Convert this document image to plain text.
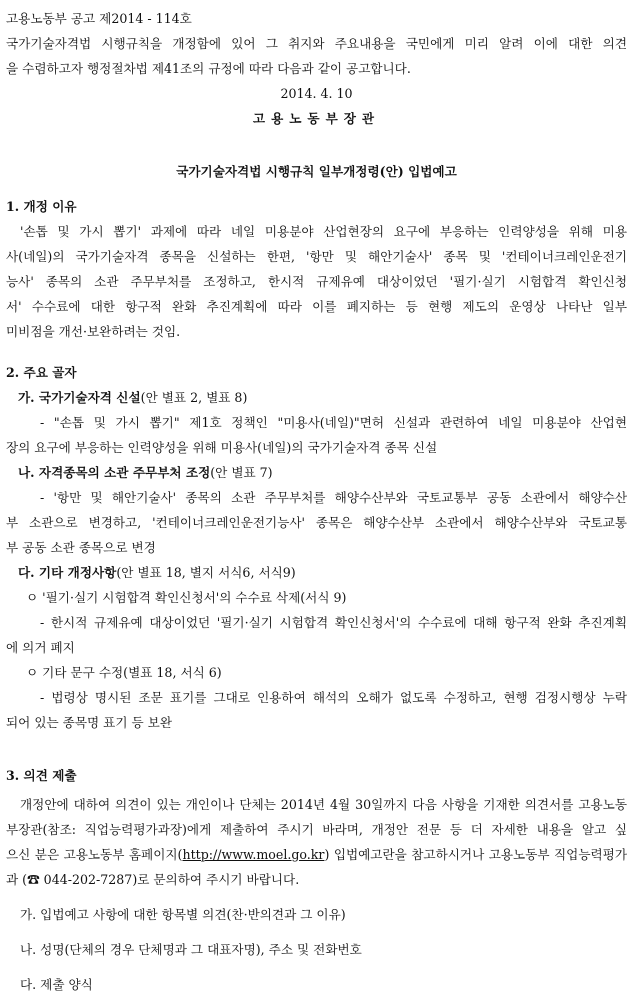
고용노동부 공고 제2014 - 114호
국가기술자격법 시행규칙을 개정함에 있어 그 취지와 주요내용을 국민에게 미리 알려 이에 대한 의견
을 수렴하고자 행정절차법 제41조의 규정에 따라 다음과 같이 공고합니다.
2014. 4. 10
고용노동부장관
국가기술자격법 시행규칙 일부개정령(안) 입법예고
1. 개정 이유
'손톱 및 가시 뽑기' 과제에 따라 네일 미용분야 산업현장의 요구에 부응하는 인력양성을 위해 미용
사(네일)의 국가기술자격 종목을 신설하는 한편, '항만 및 해안기술사' 종목 및 '컨테이너크레인운전기
능사' 종목의 소관 주무부처를 조정하고, 한시적 규제유예 대상이었던 '필기·실기 시험합격 확인신청
서' 수수료에 대한 항구적 완화 추진계획에 따라 이를 폐지하는 등 현행 제도의 운영상 나타난 일부
미비점을 개선·보완하려는 것임.
2. 주요 골자
가. 국가기술자격 신설(안 별표 2, 별표 8)
- "손톱 및 가시 뽑기" 제1호 정책인 "미용사(네일)"면허 신설과 관련하여 네일 미용분야 산업현
장의 요구에 부응하는 인력양성을 위해 미용사(네일)의 국가기술자격 종목 신설
나. 자격종목의 소관 주무부처 조정(안 별표 7)
- '항만 및 해안기술사' 종목의 소관 주무부처를 해양수산부와 국토교통부 공동 소관에서 해양수산
부 소관으로 변경하고, '컨테이너크레인운전기능사' 종목은 해양수산부 소관에서 해양수산부와 국토교통
부 공동 소관 종목으로 변경
다. 기타 개정사항(안 별표 18, 별지 서식6, 서식9)
ㅇ '필기·실기 시험합격 확인신청서'의 수수료 삭제(서식 9)
- 한시적 규제유예 대상이었던 '필기·실기 시험합격 확인신청서'의 수수료에 대해 항구적 완화 추진계획
에 의거 폐지
ㅇ 기타 문구 수정(별표 18, 서식 6)
- 법령상 명시된 조문 표기를 그대로 인용하여 해석의 오해가 없도록 수정하고, 현행 검정시행상 누락
되어 있는 종목명 표기 등 보완
3. 의견 제출
개정안에 대하여 의견이 있는 개인이나 단체는 2014년 4월 30일까지 다음 사항을 기재한 의견서를 고용노동
부장관(참조: 직업능력평가과장)에게 제출하여 주시기 바라며, 개정안 전문 등 더 자세한 내용을 알고 싶
으신 분은 고용노동부 홈페이지(http://www.moel.go.kr) 입법예고란을 참고하시거나 고용노동부 직업능력평가
과 (☎ 044-202-7287)로 문의하여 주시기 바랍니다.
가. 입법예고 사항에 대한 항목별 의견(찬·반의견과 그 이유)
나. 성명(단체의 경우 단체명과 그 대표자명), 주소 및 전화번호
다. 제출 양식
